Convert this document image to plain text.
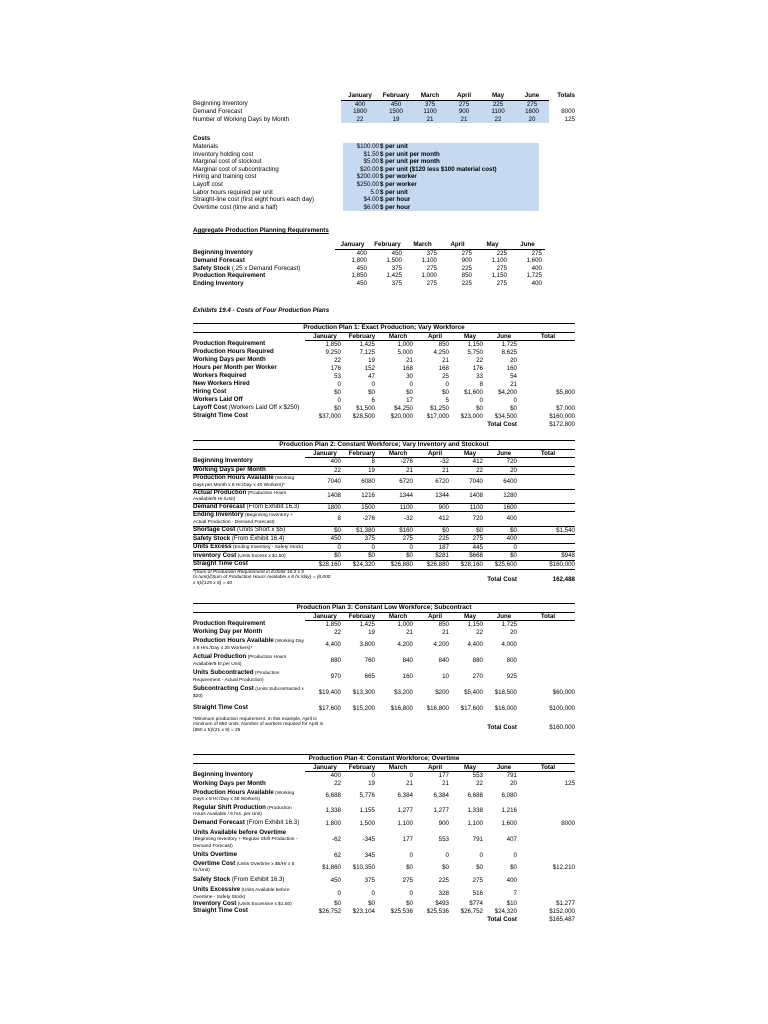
	January	February	March	April	May	June	Totals
Beginning Inventory	400	450	375	275	225	275	
Demand Forecast	1800	1500	1100	900	1100	1600	8000
Number of Working Days by Month	22	19	21	21	22	20	125
Costs
Materials	$100.00	$ per unit
Inventory holding cost	$1.50	$ per unit per month
Marginal cost of stockout	$5.00	$ per unit per month
Marginal cost of subcontracting	$20.00	$ per unit ($120 less $100 material cost)
Hiring and training cost	$200.00	$ per worker
Layoff cost	$250.00	$ per worker
Labor hours required per unit	5.0	$ per unit
Straight-line cost (first eight hours each day)	$4.00	$ per hour
Overtime cost (time and a half)	$6.00	$ per hour
Aggregate Production Planning Requirements
	January	February	March	April	May	June
Beginning Inventory	400	450	375	275	225	275
Demand Forecast	1,800	1,500	1,100	900	1,100	1,600
Safety Stock (.25 x Demand Forecast)	450	375	275	225	275	400
Production Requirement	1,850	1,425	1,000	850	1,150	1,725
Ending Inventory	450	375	275	225	275	400
Exhibits 19.4 - Costs of Four Production Plans
Production Plan 1: Exact Production; Vary Workforce							
	January	February	March	April	May	June	Total
Production Requirement	1,850	1,425	1,000	850	1,150	1,725	
Production Hours Required	9,250	7,125	5,000	4,250	5,750	8,625	
Working Days per Month	22	19	21	21	22	20	
Hours per Month per Worker	176	152	168	168	176	160	
Workers Required	53	47	30	25	33	54	
New Workers Hired	0	0	0	0	8	21	
Hiring Cost	$0	$0	$0	$0	$1,600	$4,200	$5,800
Workers Laid Off	0	6	17	5	0	0	
Layoff Cost (Workers Laid Off x $250)	$0	$1,500	$4,250	$1,250	$0	$0	$7,000
Straight Time Cost	$37,000	$28,500	$20,000	$17,000	$23,000	$34,500	$160,000
						Total Cost	$172,800
Production Plan 2: Constant Workforce; Vary Inventory and Stockout							
	January	February	March	April	May	June	Total
Beginning Inventory	400	8	-276	-32	412	720	
Working Days per Month	22	19	21	21	22	20	
Production Hours Available (Working Days per Month x 8 Hr./Day x 40 Workers)*	7040	6080	6720	6720	7040	6400	
Actual Production (Production Hours Available/5 Hr./Unit)	1408	1216	1344	1344	1408	1280	
Demand Forecast (From Exhibit 16.3)	1800	1500	1100	900	1100	1600	
Ending Inventory (Beginning Inventory + Actual Production - Demand Forecast)	8	-276	-32	412	720	400	
Shortage Cost (Units Short x $5)	$0	$1,380	$160	$0	$0	$0	$1,540
Safety Stock (From Exhibit 16.4)	450	375	275	225	275	400	
Units Excess (Ending Inventory - Safety Stock)	0	0	0	187	445	0	
Inventory Cost (Units Excess x $1.50)	$0	$0	$0	$281	$668	$0	$948
Straight Time Cost	$28,160	$24,320	$26,880	$26,880	$28,160	$25,600	$160,000

*(Sum of Production Requirement in Exhibit 16.3 x 5 hr./unit)/(Sum of Production Hours Available x 8 hr./day) = (8,000 x 5)/(125 x 8) = 40						Total Cost	162,488
Production Plan 3: Constant Low Workforce; Subcontract							
	January	February	March	April	May	June	Total
Production Requirement	1,850	1,425	1,000	850	1,150	1,725	
Working Day per Month	22	19	21	21	22	20	
Production Hours Available (Working Day x 8 Hrs./Day x 25 Workers)*	4,400	3,800	4,200	4,200	4,400	4,000	
Actual Production (Production Hours Available/5 hr.per Unit)	880	760	840	840	880	800	
Units Subcontracted (Production Requirement - Actual Production)	970	665	160	10	270	925	
Subcontracting Cost (Units Subcontracted x $20)	$19,400	$13,300	$3,200	$200	$5,400	$18,500	$60,000
Straight Time Cost	$17,600	$15,200	$16,800	$16,800	$17,600	$16,000	$100,000

*Minimum production requirement. In this example, April is minimum of 850 units. Number of workers required for April is (850 x 5)/(21 x 8) = 25						Total Cost	$160,000
Production Plan 4: Constant Workforce; Overtime							
	January	February	March	April	May	June	Total
Beginning Inventory	400	0	0	177	553	791	
Working Days per Month	22	19	21	21	22	20	125
Production Hours Available (Working Days x 8 Hr./Day x 38 Workers)	6,688	5,776	6,384	6,384	6,688	6,080	
Regular Shift Production (Production Hours Available / 5 hrs. per Unit)	1,338	1,155	1,277	1,277	1,338	1,216	
Demand Forecast (From Exhibit 16.3)	1,800	1,500	1,100	900	1,100	1,600	8000
Units Available before Overtime (Beginning Inventory + Regular Shift Production - Demand Forecast)	-62	-345	177	553	791	407	
Units Overtime	62	345	0	0	0	0	
Overtime Cost (Units Overtime x $6/Hr x 5 hr./Unit)	$1,860	$10,350	$0	$0	$0	$0	$12,210
Safety Stock (From Exhibit 16.3)	450	375	275	225	275	400	
Units Excessive (Units Available before Overtime - Safety Stock)	0	0	0	328	516	7	
Inventory Cost (Units Excessive x $1.50)	$0	$0	$0	$493	$774	$10	$1,277
Straight Time Cost	$26,752	$23,104	$25,536	$25,536	$26,752	$24,320	$152,000
						Total Cost	$165,487
